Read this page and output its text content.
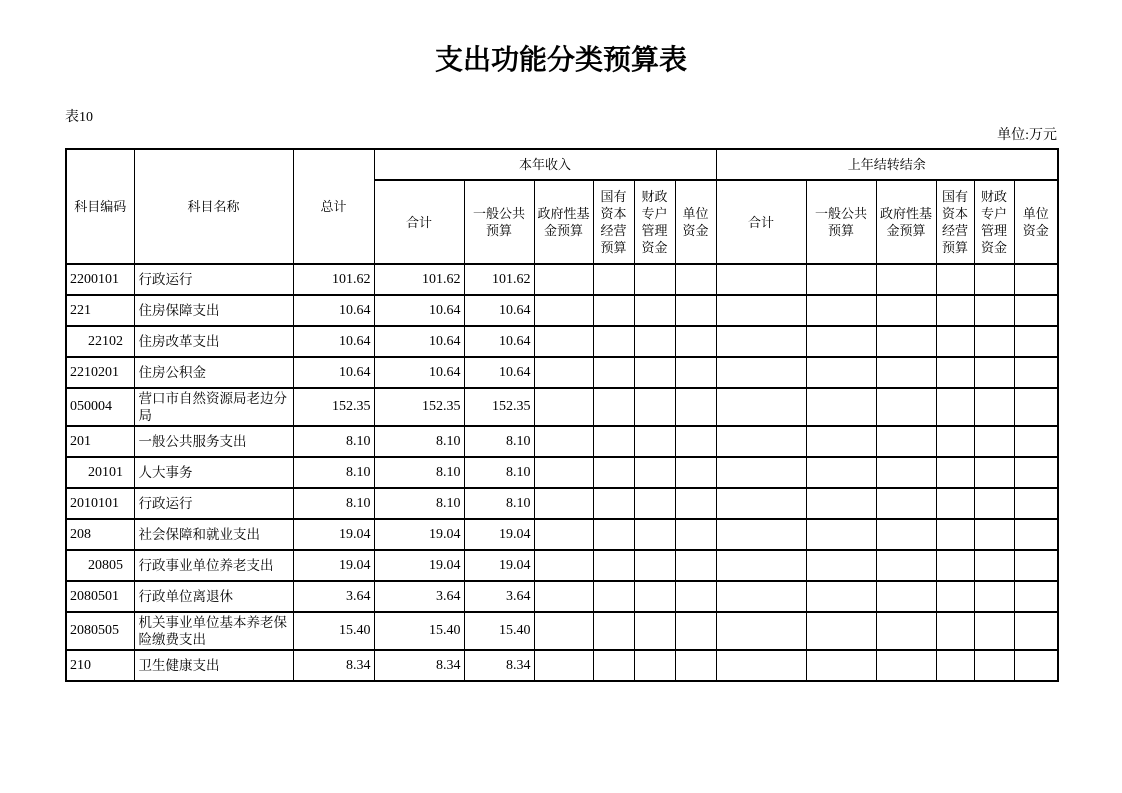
支出功能分类预算表
表10
单位:万元
科目编码	科目名称	总计	本年收入						上年结转结余					
			合计	一般公共预算	政府性基金预算	国有资本经营预算	财政专户管理资金	单位资金	合计	一般公共预算	政府性基金预算	国有资本经营预算	财政专户管理资金	单位资金
2200101	行政运行	101.62	101.62	101.62										
221	住房保障支出	10.64	10.64	10.64										
22102	住房改革支出	10.64	10.64	10.64										
2210201	住房公积金	10.64	10.64	10.64										
050004	营口市自然资源局老边分局	152.35	152.35	152.35										
201	一般公共服务支出	8.10	8.10	8.10										
20101	人大事务	8.10	8.10	8.10										
2010101	行政运行	8.10	8.10	8.10										
208	社会保障和就业支出	19.04	19.04	19.04										
20805	行政事业单位养老支出	19.04	19.04	19.04										
2080501	行政单位离退休	3.64	3.64	3.64										
2080505	机关事业单位基本养老保险缴费支出	15.40	15.40	15.40										
210	卫生健康支出	8.34	8.34	8.34										
